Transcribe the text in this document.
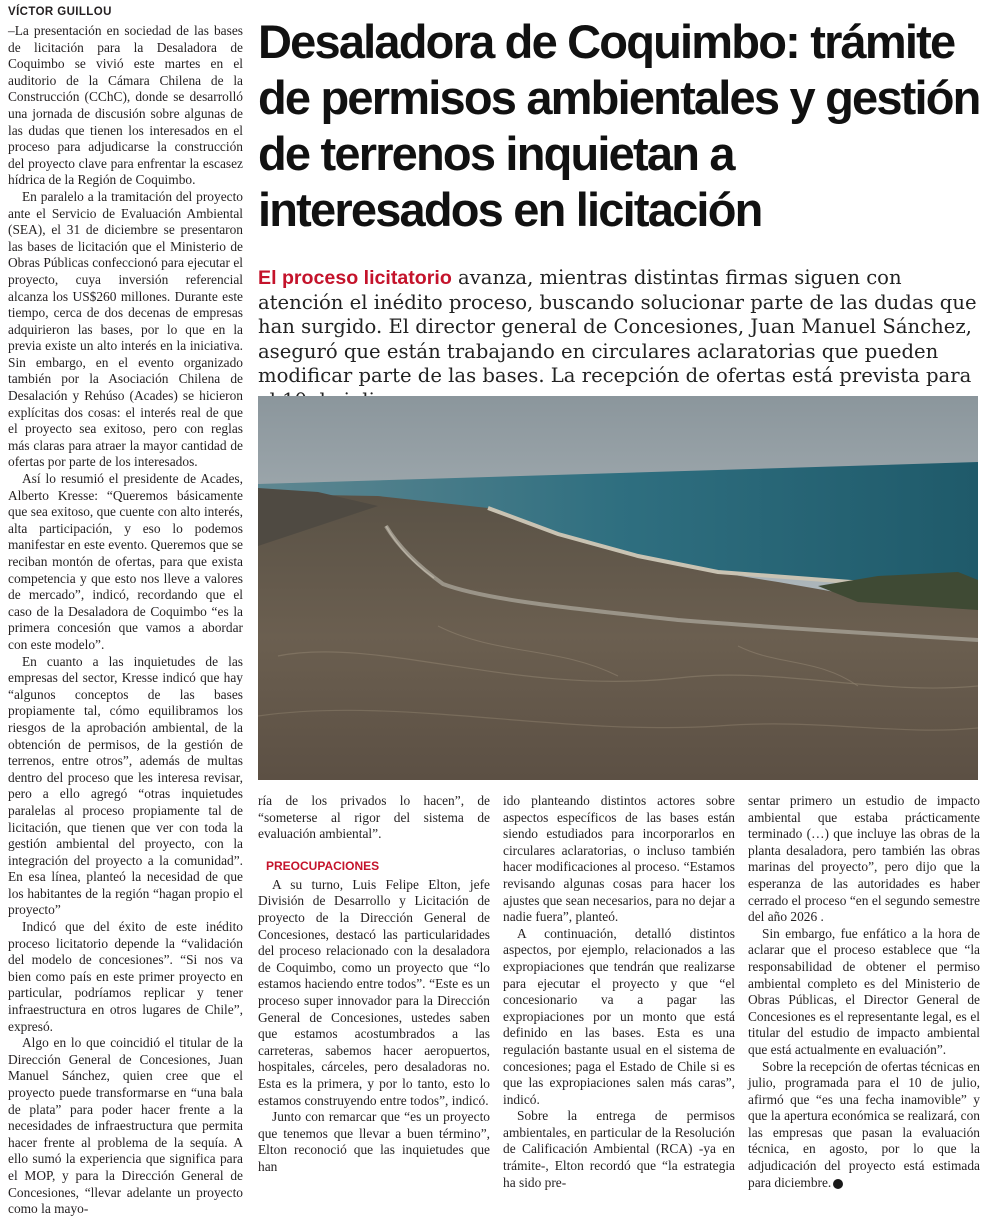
VÍCTOR GUILLOU

–La presentación en sociedad de las bases de licitación para la Desaladora de Coquimbo se vivió este martes en el auditorio de la Cámara Chilena de la Construcción (CChC), donde se desarrolló una jornada de discusión sobre algunas de las dudas que tienen los interesados en el proceso para adjudicarse la construcción del proyecto clave para enfrentar la escasez hídrica de la Región de Coquimbo.

En paralelo a la tramitación del proyecto ante el Servicio de Evaluación Ambiental (SEA), el 31 de diciembre se presentaron las bases de licitación que el Ministerio de Obras Públicas confeccionó para ejecutar el proyecto, cuya inversión referencial alcanza los US$260 millones. Durante este tiempo, cerca de dos decenas de empresas adquirieron las bases, por lo que en la previa existe un alto interés en la iniciativa. Sin embargo, en el evento organizado también por la Asociación Chilena de Desalación y Rehúso (Acades) se hicieron explícitas dos cosas: el interés real de que el proyecto sea exitoso, pero con reglas más claras para atraer la mayor cantidad de ofertas por parte de los interesados.

Así lo resumió el presidente de Acades, Alberto Kresse: “Queremos básicamente que sea exitoso, que cuente con alto interés, alta participación, y eso lo podemos manifestar en este evento. Queremos que se reciban montón de ofertas, para que exista competencia y que esto nos lleve a valores de mercado”, indicó, recordando que el caso de la Desaladora de Coquimbo “es la primera concesión que vamos a abordar con este modelo”.

En cuanto a las inquietudes de las empresas del sector, Kresse indicó que hay “algunos conceptos de las bases propiamente tal, cómo equilibramos los riesgos de la aprobación ambiental, de la obtención de permisos, de la gestión de terrenos, entre otros”, además de multas dentro del proceso que les interesa revisar, pero a ello agregó “otras inquietudes paralelas al proceso propiamente tal de licitación, que tienen que ver con toda la gestión ambiental del proyecto, con la integración del proyecto a la comunidad”. En esa línea, planteó la necesidad de que los habitantes de la región “hagan propio el proyecto”

Indicó que del éxito de este inédito proceso licitatorio depende la “validación del modelo de concesiones”. “Si nos va bien como país en este primer proyecto en particular, podríamos replicar y tener infraestructura en otros lugares de Chile”, expresó.

Algo en lo que coincidió el titular de la Dirección General de Concesiones, Juan Manuel Sánchez, quien cree que el proyecto puede transformarse en “una bala de plata” para poder hacer frente a la necesidades de infraestructura que permita hacer frente al problema de la sequía. A ello sumó la experiencia que significa para el MOP, y para la Dirección General de Concesiones, “llevar adelante un proyecto como la mayo-

Desaladora de Coquimbo: trámite de permisos ambientales y gestión de terrenos inquietan a interesados en licitación

El proceso licitatorio avanza, mientras distintas firmas siguen con atención el inédito proceso, buscando solucionar parte de las dudas que han surgido. El director general de Concesiones, Juan Manuel Sánchez, aseguró que están trabajando en circulares aclaratorias que pueden modificar parte de las bases. La recepción de ofertas está prevista para

ría de los privados lo hacen”, de “someterse al rigor del sistema de evaluación ambiental”.

PREOCUPACIONES

A su turno, Luis Felipe Elton, jefe División de Desarrollo y Licitación de proyecto de la Dirección General de Concesiones, destacó las particularidades del proceso relacionado con la desaladora de Coquimbo, como un proyecto que “lo estamos haciendo entre todos”. “Este es un proceso super innovador para la Dirección General de Concesiones, ustedes saben que estamos acostumbrados a las carreteras, sabemos hacer aeropuertos, hospitales, cárceles, pero desaladoras no. Esta es la primera, y por lo tanto, esto lo estamos construyendo entre todos”, indicó.

Junto con remarcar que “es un proyecto que tenemos que llevar a buen término”, Elton reconoció que las inquietudes que han

ido planteando distintos actores sobre aspectos específicos de las bases están siendo estudiados para incorporarlos en circulares aclaratorias, o incluso también hacer modificaciones al proceso. “Estamos revisando algunas cosas para hacer los ajustes que sean necesarios, para no dejar a nadie fuera”, planteó.

A continuación, detalló distintos aspectos, por ejemplo, relacionados a las expropiaciones que tendrán que realizarse para ejecutar el proyecto y que “el concesionario va a pagar las expropiaciones por un monto que está definido en las bases. Esta es una regulación bastante usual en el sistema de concesiones; paga el Estado de Chile si es que las expropiaciones salen más caras”, indicó.

Sobre la entrega de permisos ambientales, en particular de la Resolución de Calificación Ambiental (RCA) -ya en trámite-, Elton recordó que “la estrategia ha sido pre-

sentar primero un estudio de impacto ambiental que estaba prácticamente terminado (…) que incluye las obras de la planta desaladora, pero también las obras marinas del proyecto”, pero dijo que la esperanza de las autoridades es haber cerrado el proceso “en el segundo semestre del año 2026 .

Sin embargo, fue enfático a la hora de aclarar que el proceso establece que “la responsabilidad de obtener el permiso ambiental completo es del Ministerio de Obras Públicas, el Director General de Concesiones es el representante legal, es el titular del estudio de impacto ambiental que está actualmente en evaluación”.

Sobre la recepción de ofertas técnicas en julio, programada para el 10 de julio, afirmó que “es una fecha inamovible” y que la apertura económica se realizará, con las empresas que pasan la evaluación técnica, en agosto, por lo que la adjudicación del proyecto está estimada para diciembre. P
